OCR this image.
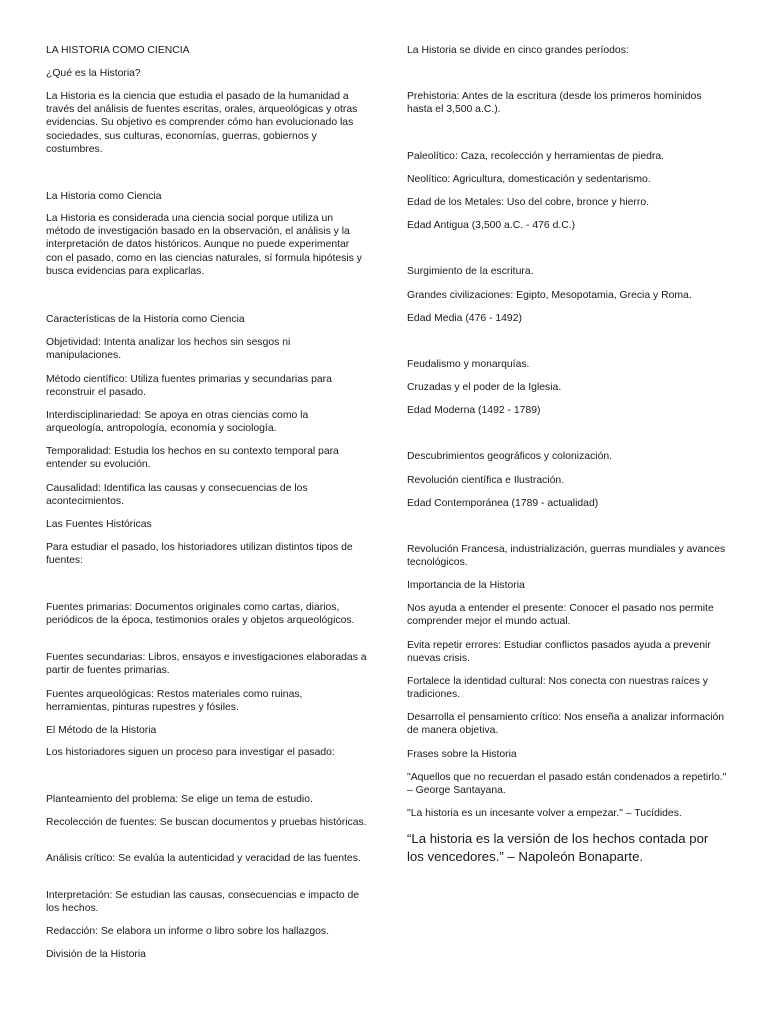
LA HISTORIA COMO CIENCIA

¿Qué es la Historia?

La Historia es la ciencia que estudia el pasado de la humanidad a través del análisis de fuentes escritas, orales, arqueológicas y otras evidencias. Su objetivo es comprender cómo han evolucionado las sociedades, sus culturas, economías, guerras, gobiernos y costumbres.

La Historia como Ciencia

La Historia es considerada una ciencia social porque utiliza un método de investigación basado en la observación, el análisis y la interpretación de datos históricos. Aunque no puede experimentar con el pasado, como en las ciencias naturales, sí formula hipótesis y busca evidencias para explicarlas.

Características de la Historia como Ciencia

Objetividad: Intenta analizar los hechos sin sesgos ni manipulaciones.

Método científico: Utiliza fuentes primarias y secundarias para reconstruir el pasado.

Interdisciplinariedad: Se apoya en otras ciencias como la arqueología, antropología, economía y sociología.

Temporalidad: Estudia los hechos en su contexto temporal para entender su evolución.

Causalidad: Identifica las causas y consecuencias de los acontecimientos.

Las Fuentes Históricas

Para estudiar el pasado, los historiadores utilizan distintos tipos de fuentes:

Fuentes primarias: Documentos originales como cartas, diarios, periódicos de la época, testimonios orales y objetos arqueológicos.

Fuentes secundarias: Libros, ensayos e investigaciones elaboradas a partir de fuentes primarias.

Fuentes arqueológicas: Restos materiales como ruinas, herramientas, pinturas rupestres y fósiles.

El Método de la Historia

Los historiadores siguen un proceso para investigar el pasado:

Planteamiento del problema: Se elige un tema de estudio.

Recolección de fuentes: Se buscan documentos y pruebas históricas.

Análisis crítico: Se evalúa la autenticidad y veracidad de las fuentes.

Interpretación: Se estudian las causas, consecuencias e impacto de los hechos.

Redacción: Se elabora un informe o libro sobre los hallazgos.

División de la Historia

La Historia se divide en cinco grandes períodos:

Prehistoria: Antes de la escritura (desde los primeros homínidos hasta el 3,500 a.C.).

Paleolítico: Caza, recolección y herramientas de piedra.

Neolítico: Agricultura, domesticación y sedentarismo.

Edad de los Metales: Uso del cobre, bronce y hierro.

Edad Antigua (3,500 a.C. - 476 d.C.)

Surgimiento de la escritura.

Grandes civilizaciones: Egipto, Mesopotamia, Grecia y Roma.

Edad Media (476 - 1492)

Feudalismo y monarquías.

Cruzadas y el poder de la Iglesia.

Edad Moderna (1492 - 1789)

Descubrimientos geográficos y colonización.

Revolución científica e Ilustración.

Edad Contemporánea (1789 - actualidad)

Revolución Francesa, industrialización, guerras mundiales y avances tecnológicos.

Importancia de la Historia

Nos ayuda a entender el presente: Conocer el pasado nos permite comprender mejor el mundo actual.

Evita repetir errores: Estudiar conflictos pasados ayuda a prevenir nuevas crisis.

Fortalece la identidad cultural: Nos conecta con nuestras raíces y tradiciones.

Desarrolla el pensamiento crítico: Nos enseña a analizar información de manera objetiva.

Frases sobre la Historia

"Aquellos que no recuerdan el pasado están condenados a repetirlo." – George Santayana.

"La historia es un incesante volver a empezar." – Tucídides.

“La historia es la versión de los hechos contada por los vencedores.” – Napoleón Bonaparte.
